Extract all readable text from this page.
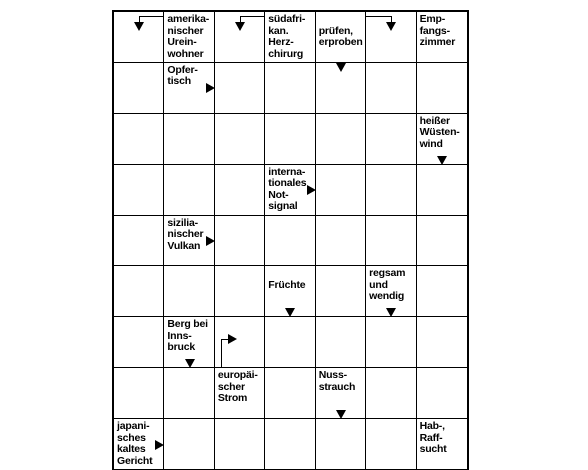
amerika-
nischer
Urein-
wohner
südafri-
kan.
Herz-
chirurg

prüfen,
erproben
Emp-
fangs-
zimmer
Opfer-
tisch
heißer
Wüsten-
wind
interna-
tionales
Not-
signal
sizilia-
nischer
Vulkan

Früchte
regsam
und
wendig
Berg bei
Inns-
bruck
europäi-
scher
Strom
Nuss-
strauch
japani-
sches
kaltes
Gericht
Hab-,
Raff-
sucht
